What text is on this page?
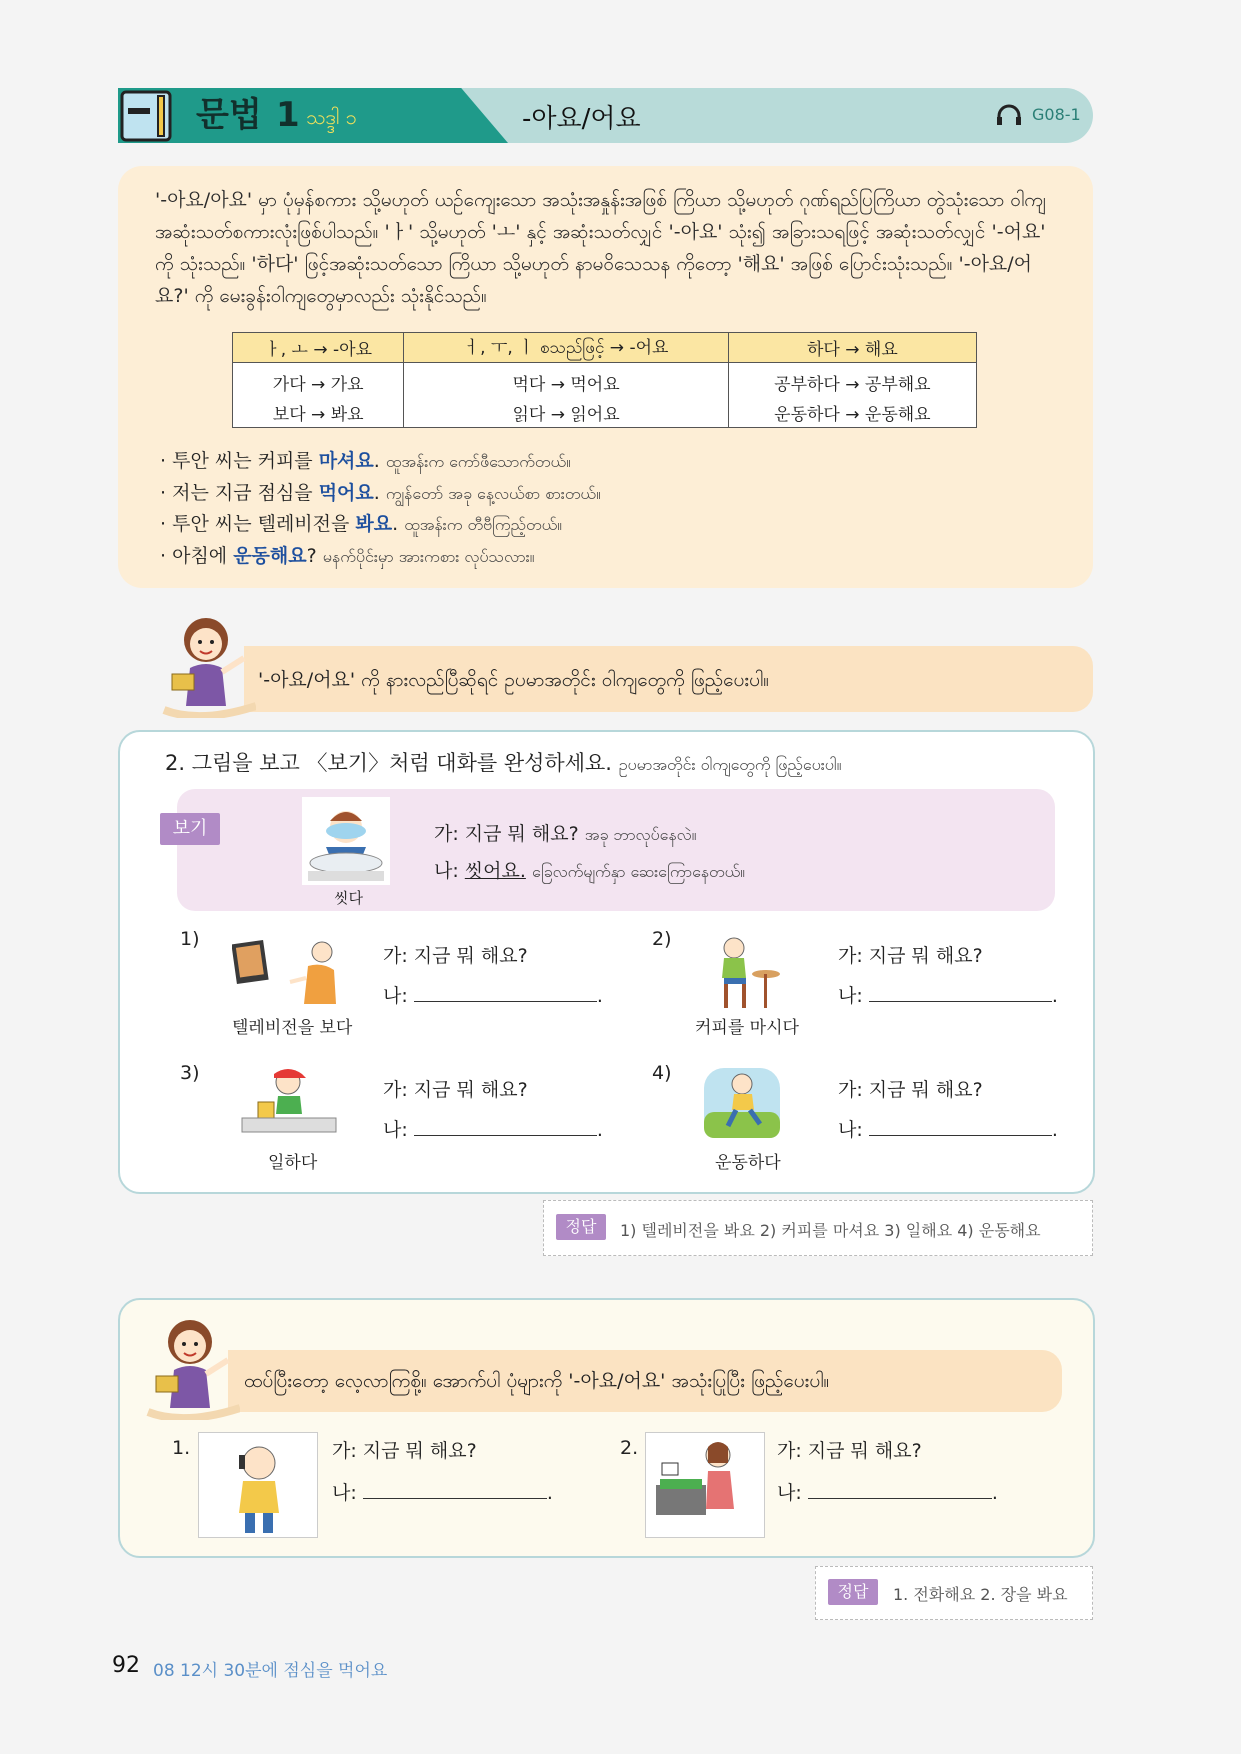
문법 1 သဒ္ဒါ ၁	-아요/어요	G08-1
'-아요/아요' မှာ ပုံမှန်စကား သို့မဟုတ် ယဉ်ကျေးသော အသုံးအနှုန်းအဖြစ် ကြိယာ သို့မဟုတ် ဂုဏ်ရည်ပြကြိယာ တွဲသုံးသော ဝါကျအဆုံးသတ်စကားလုံးဖြစ်ပါသည်။ 'ㅏ' သို့မဟုတ် 'ㅗ' နှင့် အဆုံးသတ်လျှင် '-아요' သုံး၍ အခြားသရဖြင့် အဆုံးသတ်လျှင် '-어요' ကို သုံးသည်။ '하다' ဖြင့်အဆုံးသတ်သော ကြိယာ သို့မဟုတ် နာမဝိသေသန ကိုတော့ '해요' အဖြစ် ပြောင်းသုံးသည်။ '-아요/어요?' ကို မေးခွန်းဝါကျတွေမှာလည်း သုံးနိုင်သည်။
ㅏ, ㅗ → -아요	ㅓ, ㅜ, ㅣ စသည်ဖြင့် → -어요	하다 → 해요
가다 → 가요	먹다 → 먹어요	공부하다 → 공부해요
보다 → 봐요	읽다 → 읽어요	운동하다 → 운동해요
· 투안 씨는 커피를 마셔요. ထူအန်းက ကော်ဖီသောက်တယ်။
· 저는 지금 점심을 먹어요. ကျွန်တော် အခု နေ့လယ်စာ စားတယ်။
· 투안 씨는 텔레비전을 봐요. ထူအန်းက တီဗီကြည့်တယ်။
· 아침에 운동해요? မနက်ပိုင်းမှာ အားကစား လုပ်သလား။
'-아요/어요' ကို နားလည်ပြီဆိုရင် ဥပမာအတိုင်း ဝါကျတွေကို ဖြည့်ပေးပါ။
2. 그림을 보고 〈보기〉처럼 대화를 완성하세요. ဥပမာအတိုင်း ဝါကျတွေကို ဖြည့်ပေးပါ။
보기
씻다
가: 지금 뭐 해요? အခု ဘာလုပ်နေလဲ။
나: 씻어요. ခြေလက်မျက်နှာ ဆေးကြောနေတယ်။
1)
텔레비전을 보다
가: 지금 뭐 해요?
나:	.
2)
커피를 마시다
가: 지금 뭐 해요?
나:	.
3)
일하다
가: 지금 뭐 해요?
나:	.
4)
운동하다
가: 지금 뭐 해요?
나:	.
정답	1) 텔레비전을 봐요 2) 커피를 마셔요 3) 일해요 4) 운동해요
ထပ်ပြီးတော့ လေ့လာကြစို့။ အောက်ပါ ပုံများကို '-아요/어요' အသုံးပြုပြီး ဖြည့်ပေးပါ။
1.	가: 지금 뭐 해요?
나:	.
2.	가: 지금 뭐 해요?
나:	.
정답	1. 전화해요 2. 장을 봐요
92 08 12시 30분에 점심을 먹어요
